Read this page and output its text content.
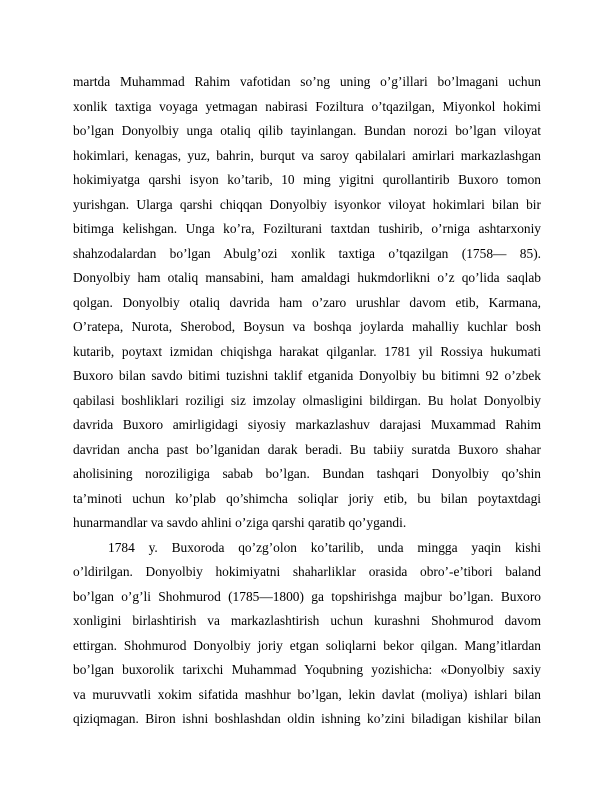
martda Muhammad Rahim vafotidan so’ng uning o’g’illari bo’lmagani uchun
xonlik taxtiga voyaga yetmagan nabirasi Foziltura o’tqazilgan, Miyonkol hokimi
bo’lgan Donyolbiy unga otaliq qilib tayinlangan. Bundan norozi bo’lgan viloyat
hokimlari, kenagas, yuz, bahrin, burqut va saroy qabilalari amirlari markazlashgan
hokimiyatga qarshi isyon ko’tarib, 10 ming yigitni qurollantirib Buxoro tomon
yurishgan. Ularga qarshi chiqqan Donyolbiy isyonkor viloyat hokimlari bilan bir
bitimga kelishgan. Unga ko’ra, Fozilturani taxtdan tushirib, o’rniga ashtarxoniy
shahzodalardan bo’lgan Abulg’ozi xonlik taxtiga o’tqazilgan (1758— 85).
Donyolbiy ham otaliq mansabini, ham amaldagi hukmdorlikni o’z qo’lida saqlab
qolgan. Donyolbiy otaliq davrida ham o’zaro urushlar davom etib, Karmana,
O’ratepa, Nurota, Sherobod, Boysun va boshqa joylarda mahalliy kuchlar bosh
kutarib, poytaxt izmidan chiqishga harakat qilganlar. 1781 yil Rossiya hukumati
Buxoro bilan savdo bitimi tuzishni taklif etganida Donyolbiy bu bitimni 92 o’zbek
qabilasi boshliklari roziligi siz imzolay olmasligini bildirgan. Bu holat Donyolbiy
davrida Buxoro amirligidagi siyosiy markazlashuv darajasi Muxammad Rahim
davridan ancha past bo’lganidan darak beradi. Bu tabiiy suratda Buxoro shahar
aholisining noroziligiga sabab bo’lgan. Bundan tashqari Donyolbiy qo’shin
ta’minoti uchun ko’plab qo’shimcha soliqlar joriy etib, bu bilan poytaxtdagi
hunarmandlar va savdo ahlini o’ziga qarshi qaratib qo’ygandi.

1784 y. Buxoroda qo’zg’olon ko’tarilib, unda mingga yaqin kishi
o’ldirilgan. Donyolbiy hokimiyatni shaharliklar orasida obro’-e’tibori baland
bo’lgan o’g’li Shohmurod (1785—1800) ga topshirishga majbur bo’lgan. Buxoro
xonligini birlashtirish va markazlashtirish uchun kurashni Shohmurod davom
ettirgan. Shohmurod Donyolbiy joriy etgan soliqlarni bekor qilgan. Mang’itlardan
bo’lgan buxorolik tarixchi Muhammad Yoqubning yozishicha: «Donyolbiy saxiy
va muruvvatli xokim sifatida mashhur bo’lgan, lekin davlat (moliya) ishlari bilan
qiziqmagan. Biron ishni boshlashdan oldin ishning ko’zini biladigan kishilar bilan
